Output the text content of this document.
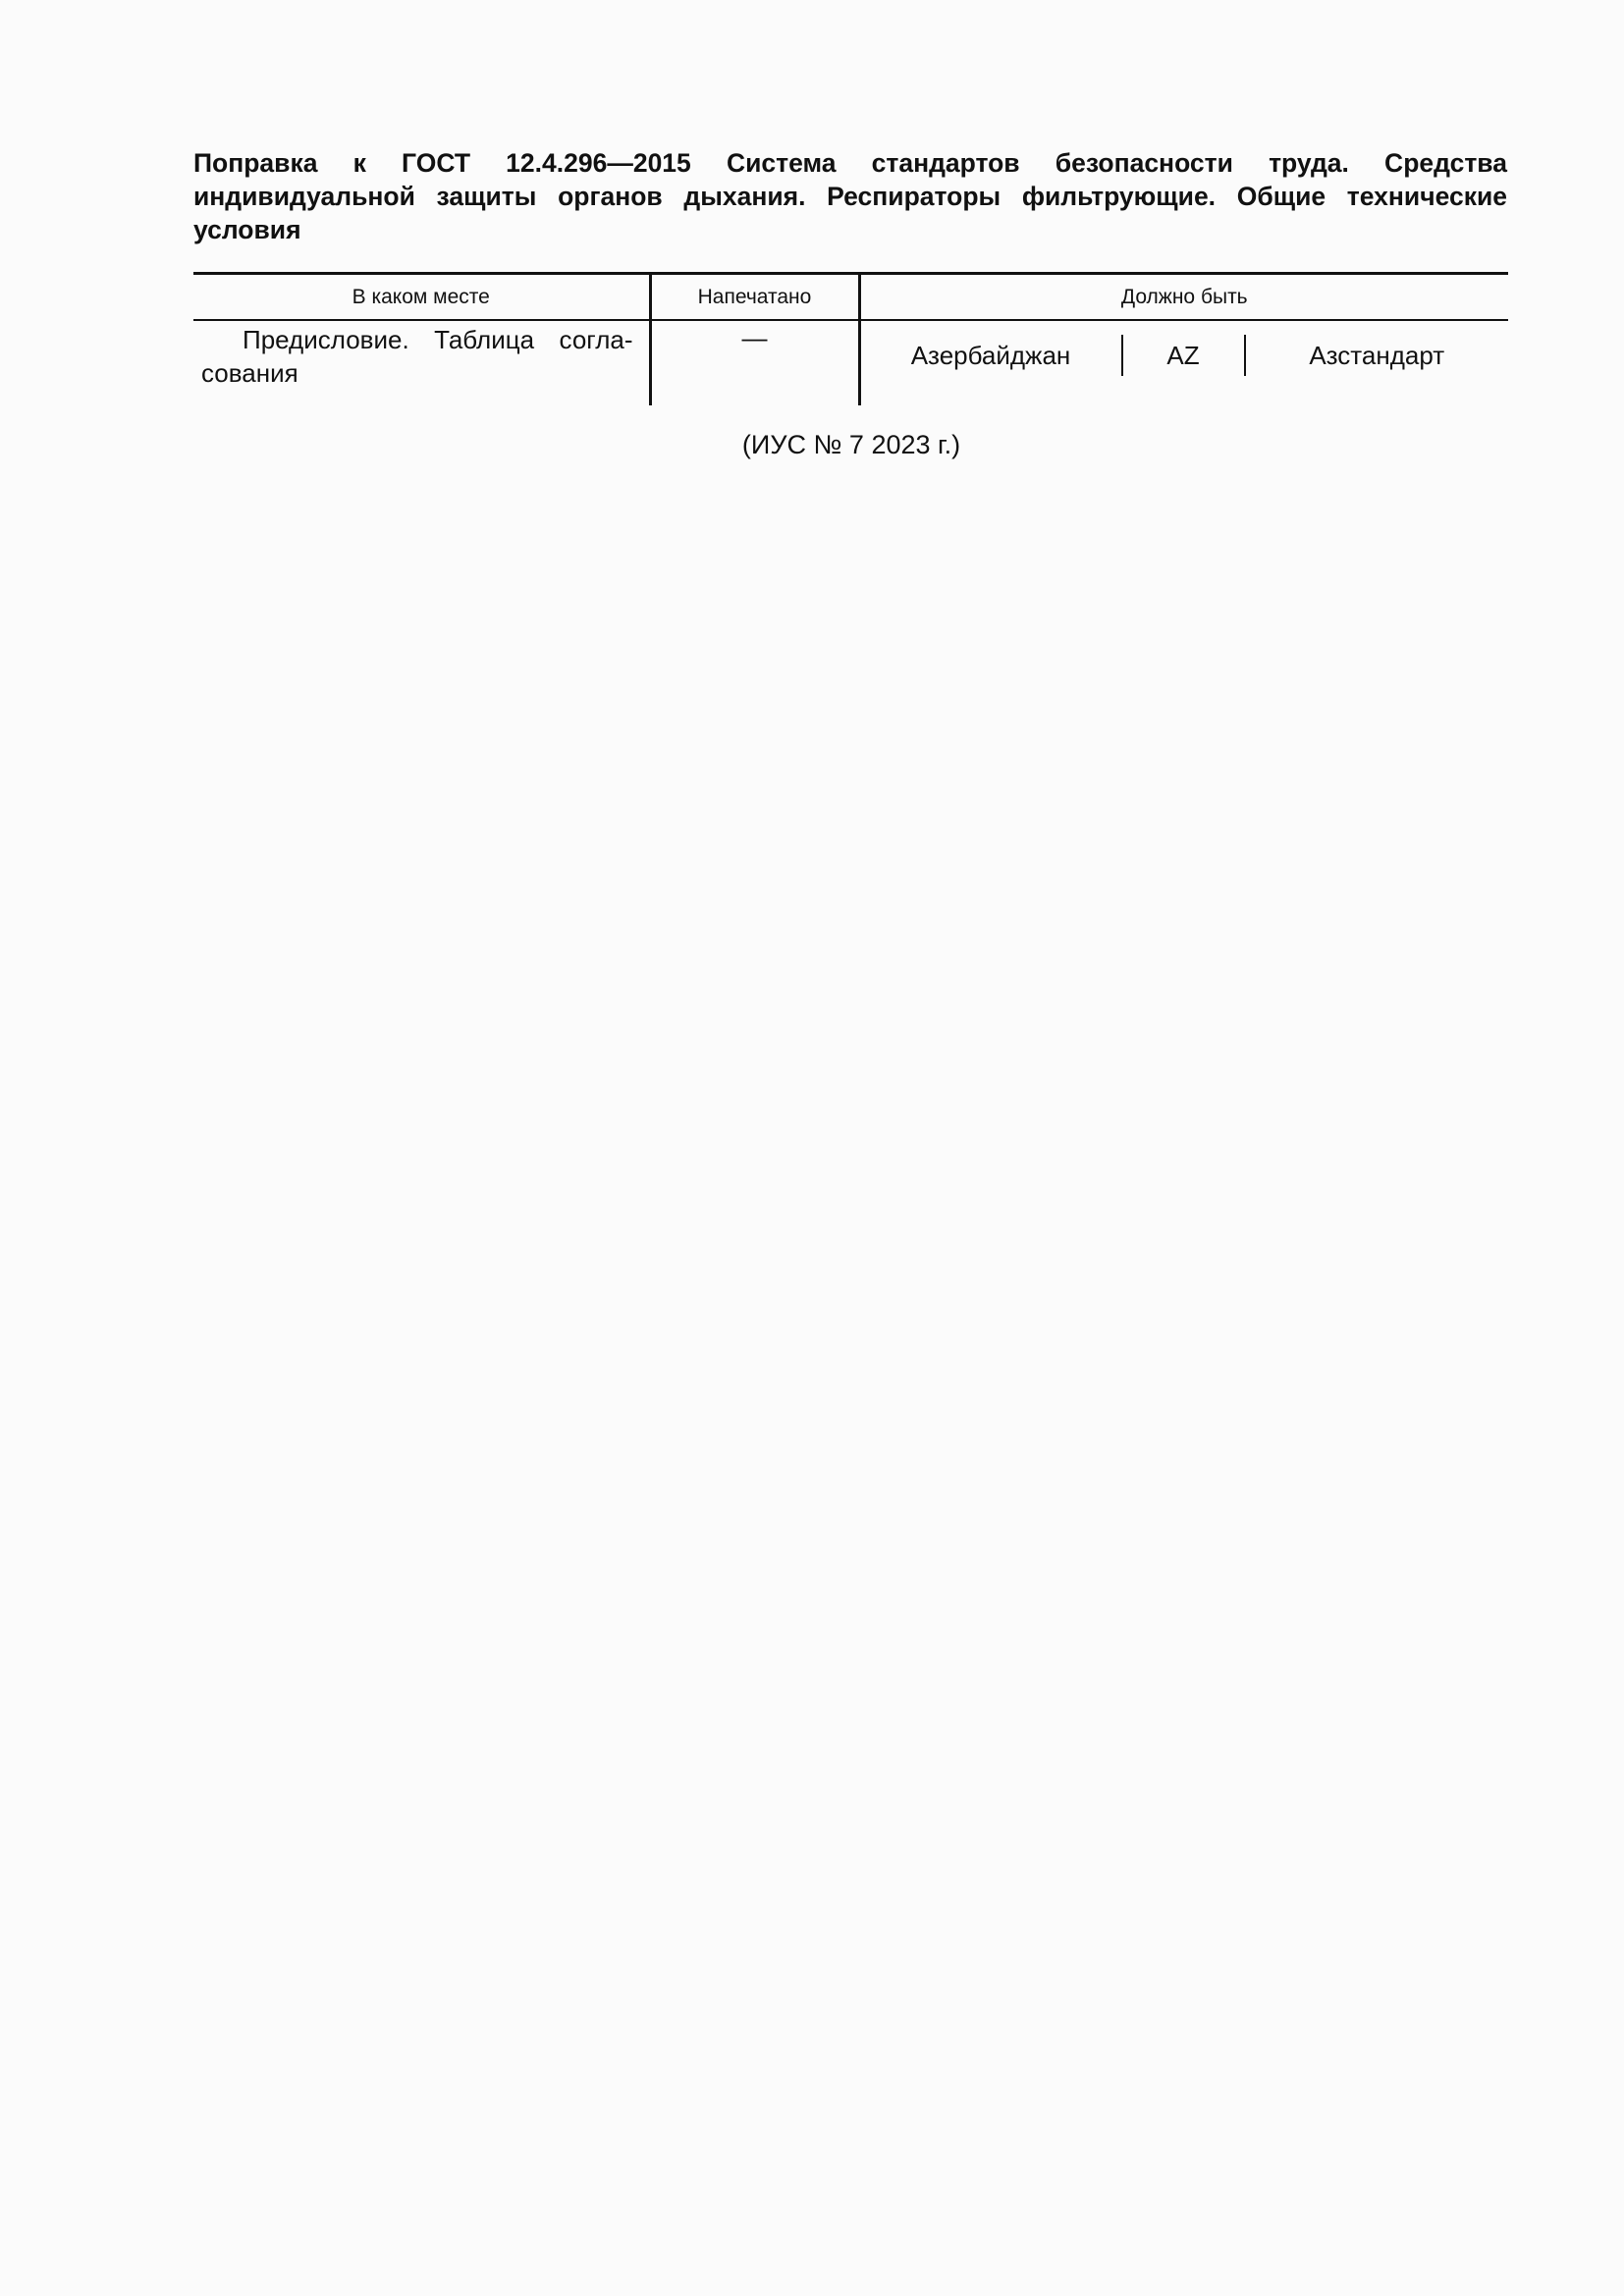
Поправка к ГОСТ 12.4.296—2015 Система стандартов безопасности труда. Средства индивидуальной защиты органов дыхания. Респираторы фильтрующие. Общие технические условия
В каком месте	Напечатано	Должно быть
Предисловие. Таблица согла-сования	—	Азербайджан AZ Азстандарт
(ИУС № 7 2023 г.)
